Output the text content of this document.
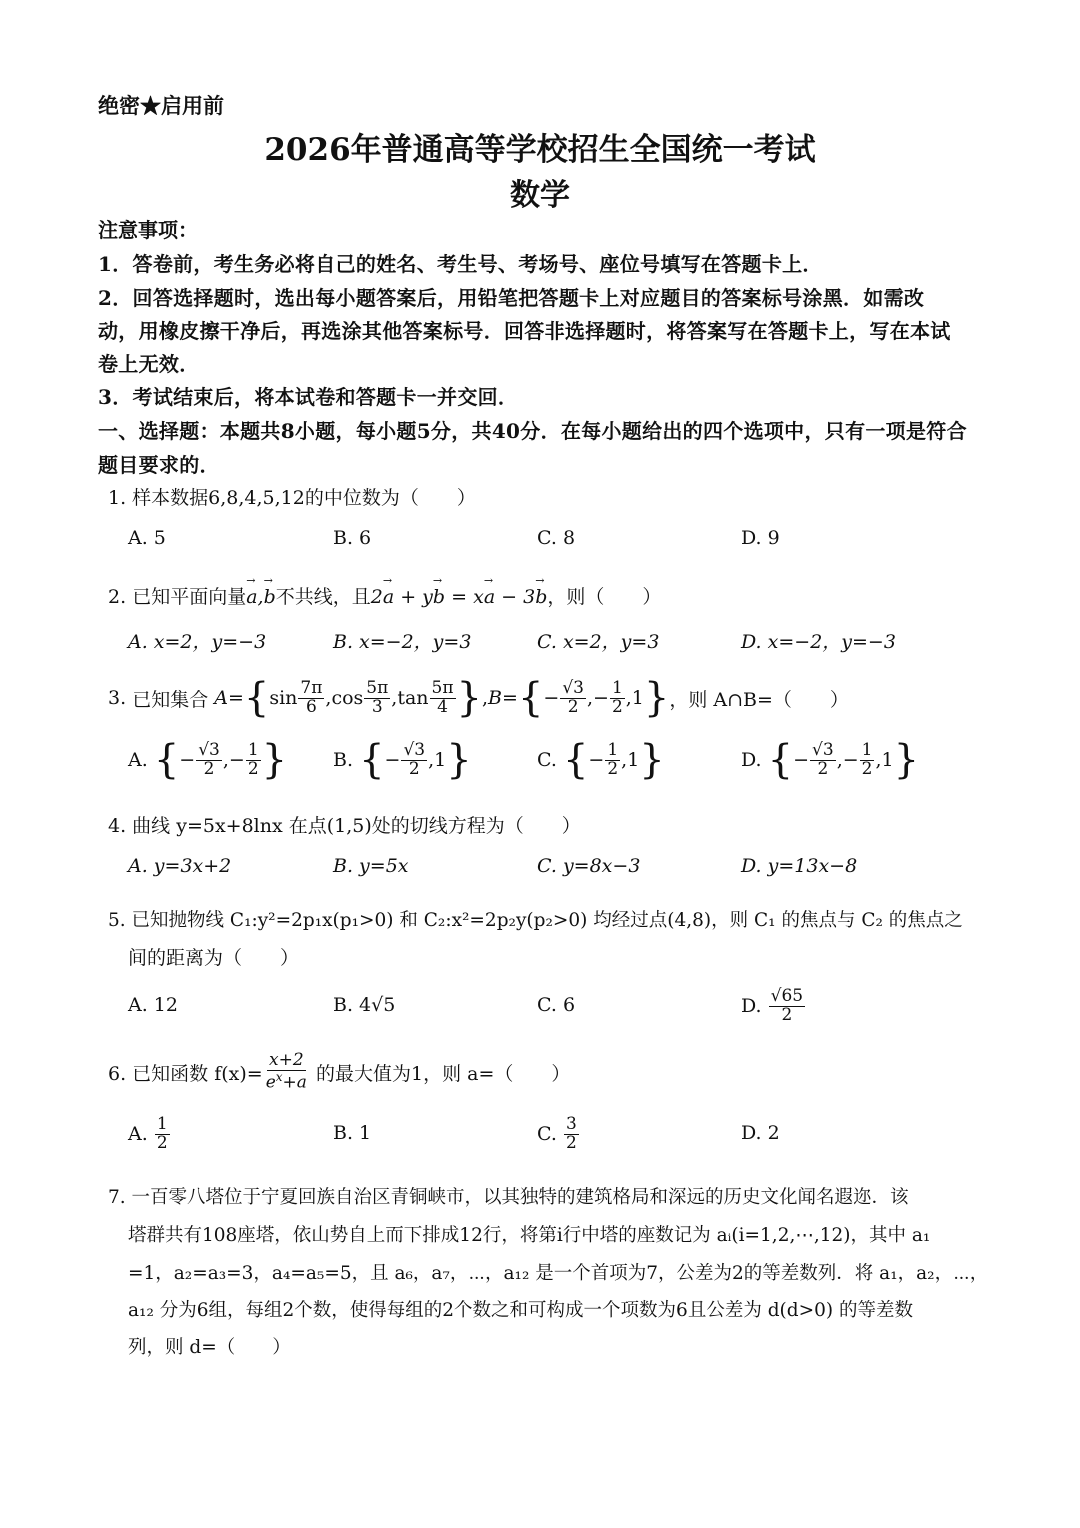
绝密★启用前
2026年普通高等学校招生全国统一考试
数学
注意事项：
1．答卷前，考生务必将自己的姓名、考生号、考场号、座位号填写在答题卡上．
2．回答选择题时，选出每小题答案后，用铅笔把答题卡上对应题目的答案标号涂黑．如需改
动，用橡皮擦干净后，再选涂其他答案标号．回答非选择题时，将答案写在答题卡上，写在本试
卷上无效．
3．考试结束后，将本试卷和答题卡一并交回．
一、选择题：本题共8小题，每小题5分，共40分．在每小题给出的四个选项中，只有一项是符合
题目要求的．
1. 样本数据6,8,4,5,12的中位数为（　　）
A. 5	B. 6	C. 8	D. 9
2. 已知平面向量→ a,→ b不共线，且2→ a + y→ b = x→ a − 3→ b，则（　　）
A. x=2，y=−3	B. x=−2，y=3	C. x=2，y=3	D. x=−2，y=−3
3.
已知集合 A= { $\sin \frac{7\pi}{6} ,\cos \frac{5\pi}{3} ,\tan \frac{5\pi}{4}$ } , B= { − $\frac{√3}{2}$ ,− $\frac{1}{2} ,1$ } ，则 A∩B=（　　）
A.
{ − $\frac{√3}{2}$ ,− $\frac{1}{2}$ } B.
{ − $\frac{√3}{2} ,1$ }	C.
{ − $\frac{1}{2} ,1$ }	D.
{ − $\frac{√3}{2}$ ,− $\frac{1}{2} ,1$ }
4. 曲线 y=5x+8lnx 在点(1,5)处的切线方程为（　　）
A. y=3x+2	B. y=5x	C. y=8x−3	D. y=13x−8
5. 已知抛物线 C₁:y²=2p₁x(p₁>0) 和 C₂:x²=2p₂y(p₂>0) 均经过点(4,8)，则 C₁ 的焦点与 C₂ 的焦点之
间的距离为（　　）
A. 12	B. 4√5	C. 6	D.
$\frac{√65}{2}$
6. 已知函数 $f(x)= \frac{x+2}{e^x+a}$
的最大值为1，则 a=（　　）
A.
$\frac{1}{2}$	B. 1	C.
$\frac{3}{2}$	D. 2
7. 一百零八塔位于宁夏回族自治区青铜峡市，以其独特的建筑格局和深远的历史文化闻名遐迩．该
塔群共有108座塔，依山势自上而下排成12行，将第i行中塔的座数记为 aᵢ(i=1,2,⋯,12)，其中 a₁
=1，a₂=a₃=3，a₄=a₅=5，且 a₆，a₇，⋯，a₁₂ 是一个首项为7，公差为2的等差数列．将 a₁，a₂，⋯，
a₁₂ 分为6组，每组2个数，使得每组的2个数之和可构成一个项数为6且公差为 d(d>0) 的等差数
列，则 d=（　　）
